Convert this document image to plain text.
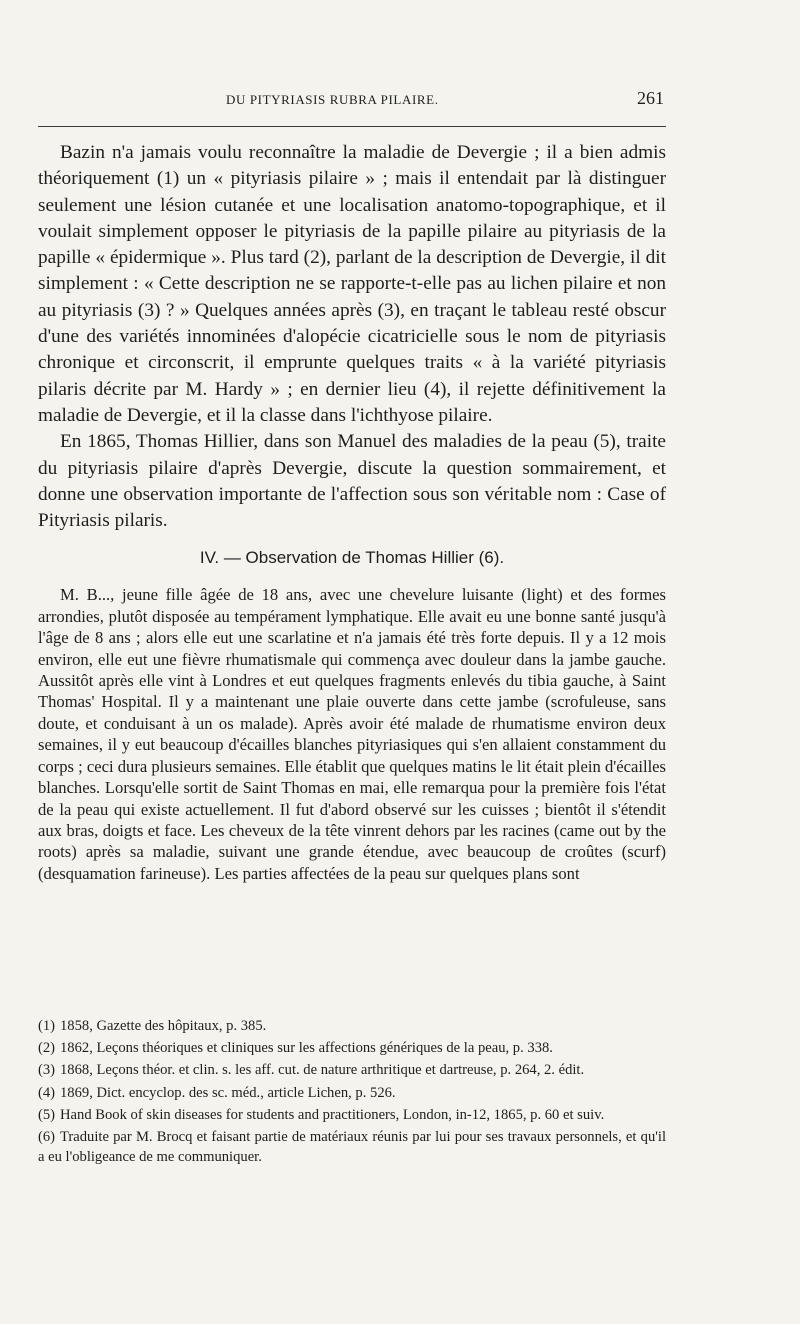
DU PITYRIASIS RUBRA PILAIRE.	261

Bazin n'a jamais voulu reconnaître la maladie de Devergie ; il a bien admis théoriquement (1) un « pityriasis pilaire » ; mais il entendait par là distinguer seulement une lésion cutanée et une localisation anatomo-topographique, et il voulait simplement opposer le pityriasis de la papille pilaire au pityriasis de la papille « épidermique ». Plus tard (2), parlant de la description de Devergie, il dit simplement : « Cette description ne se rapporte-t-elle pas au lichen pilaire et non au pityriasis (3) ? » Quelques années après (3), en traçant le tableau resté obscur d'une des variétés innominées d'alopécie cicatricielle sous le nom de pityriasis chronique et circonscrit, il emprunte quelques traits « à la variété pityriasis pilaris décrite par M. Hardy » ; en dernier lieu (4), il rejette définitivement la maladie de Devergie, et il la classe dans l'ichthyose pilaire.

En 1865, Thomas Hillier, dans son Manuel des maladies de la peau (5), traite du pityriasis pilaire d'après Devergie, discute la question sommairement, et donne une observation importante de l'affection sous son véritable nom : Case of Pityriasis pilaris.

IV. — Observation de Thomas Hillier (6).

M. B..., jeune fille âgée de 18 ans, avec une chevelure luisante (light) et des formes arrondies, plutôt disposée au tempérament lymphatique. Elle avait eu une bonne santé jusqu'à l'âge de 8 ans ; alors elle eut une scarlatine et n'a jamais été très forte depuis. Il y a 12 mois environ, elle eut une fièvre rhumatismale qui commença avec douleur dans la jambe gauche. Aussitôt après elle vint à Londres et eut quelques fragments enlevés du tibia gauche, à Saint Thomas' Hospital. Il y a maintenant une plaie ouverte dans cette jambe (scrofuleuse, sans doute, et conduisant à un os malade). Après avoir été malade de rhumatisme environ deux semaines, il y eut beaucoup d'écailles blanches pityriasiques qui s'en allaient constamment du corps ; ceci dura plusieurs semaines. Elle établit que quelques matins le lit était plein d'écailles blanches. Lorsqu'elle sortit de Saint Thomas en mai, elle remarqua pour la première fois l'état de la peau qui existe actuellement. Il fut d'abord observé sur les cuisses ; bientôt il s'étendit aux bras, doigts et face. Les cheveux de la tête vinrent dehors par les racines (came out by the roots) après sa maladie, suivant une grande étendue, avec beaucoup de croûtes (scurf) (desquamation farineuse). Les parties affectées de la peau sur quelques plans sont

(1) 1858, Gazette des hôpitaux, p. 385.

(2) 1862, Leçons théoriques et cliniques sur les affections génériques de la peau, p. 338.

(3) 1868, Leçons théor. et clin. s. les aff. cut. de nature arthritique et dartreuse, p. 264, 2. édit.

(4) 1869, Dict. encyclop. des sc. méd., article Lichen, p. 526.

(5) Hand Book of skin diseases for students and practitioners, London, in-12, 1865, p. 60 et suiv.

(6) Traduite par M. Brocq et faisant partie de matériaux réunis par lui pour ses travaux personnels, et qu'il a eu l'obligeance de me communiquer.
